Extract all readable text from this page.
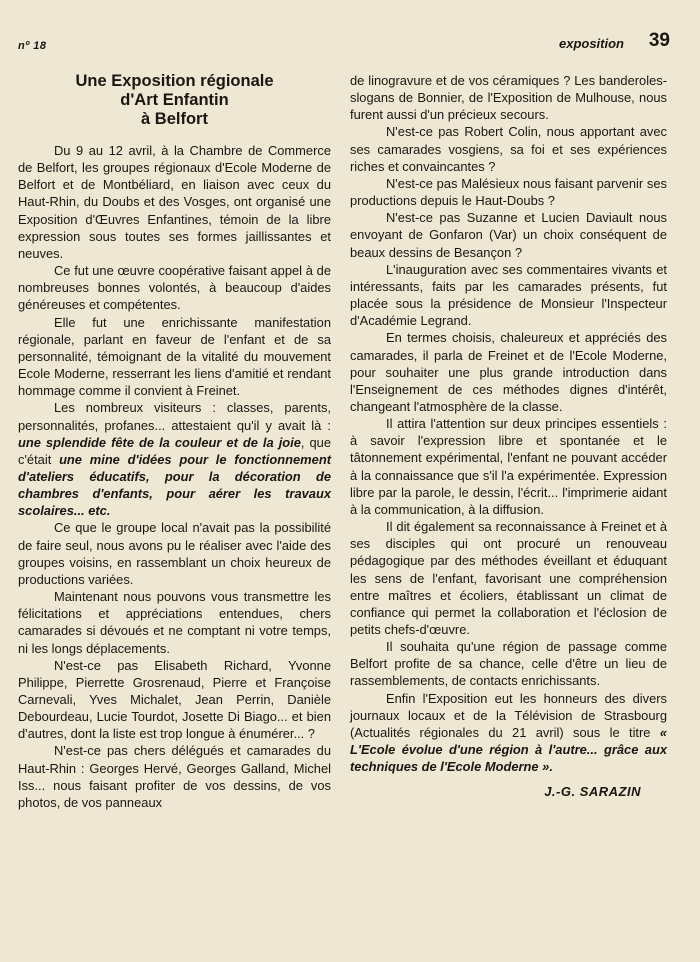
nº 18	exposition 39
Une Exposition régionale
d'Art Enfantin
à Belfort

Du 9 au 12 avril, à la Chambre de Commerce de Belfort, les groupes régionaux d'Ecole Moderne de Belfort et de Montbéliard, en liaison avec ceux du Haut-Rhin, du Doubs et des Vosges, ont organisé une Exposition d'Œuvres Enfantines, témoin de la libre expression sous toutes ses formes jaillissantes et neuves.

Ce fut une œuvre coopérative faisant appel à de nombreuses bonnes volontés, à beaucoup d'aides généreuses et compétentes.

Elle fut une enrichissante manifestation régionale, parlant en faveur de l'enfant et de sa personnalité, témoignant de la vitalité du mouvement Ecole Moderne, resserrant les liens d'amitié et rendant hommage comme il convient à Freinet.

Les nombreux visiteurs : classes, parents, personnalités, profanes... attestaient qu'il y avait là : une splendide fête de la couleur et de la joie, que c'était une mine d'idées pour le fonctionnement d'ateliers éducatifs, pour la décoration de chambres d'enfants, pour aérer les travaux scolaires... etc.

Ce que le groupe local n'avait pas la possibilité de faire seul, nous avons pu le réaliser avec l'aide des groupes voisins, en rassemblant un choix heureux de productions variées.

Maintenant nous pouvons vous transmettre les félicitations et appréciations entendues, chers camarades si dévoués et ne comptant ni votre temps, ni les longs déplacements.

N'est-ce pas Elisabeth Richard, Yvonne Philippe, Pierrette Grosrenaud, Pierre et Françoise Carnevali, Yves Michalet, Jean Perrin, Danièle Debourdeau, Lucie Tourdot, Josette Di Biago... et bien d'autres, dont la liste est trop longue à énumérer... ?

N'est-ce pas chers délégués et camarades du Haut-Rhin : Georges Hervé, Georges Galland, Michel Iss... nous faisant profiter de vos dessins, de vos photos, de vos panneaux

de linogravure et de vos céramiques ? Les banderoles-slogans de Bonnier, de l'Exposition de Mulhouse, nous furent aussi d'un précieux secours.

N'est-ce pas Robert Colin, nous apportant avec ses camarades vosgiens, sa foi et ses expériences riches et convaincantes ?

N'est-ce pas Malésieux nous faisant parvenir ses productions depuis le Haut-Doubs ?

N'est-ce pas Suzanne et Lucien Daviault nous envoyant de Gonfaron (Var) un choix conséquent de beaux dessins de Besançon ?

L'inauguration avec ses commentaires vivants et intéressants, faits par les camarades présents, fut placée sous la présidence de Monsieur l'Inspecteur d'Académie Legrand.

En termes choisis, chaleureux et appréciés des camarades, il parla de Freinet et de l'Ecole Moderne, pour souhaiter une plus grande introduction dans l'Enseignement de ces méthodes dignes d'intérêt, changeant l'atmosphère de la classe.

Il attira l'attention sur deux principes essentiels : à savoir l'expression libre et spontanée et le tâtonnement expérimental, l'enfant ne pouvant accéder à la connaissance que s'il l'a expérimentée. Expression libre par la parole, le dessin, l'écrit... l'imprimerie aidant à la communication, à la diffusion.

Il dit également sa reconnaissance à Freinet et à ses disciples qui ont procuré un renouveau pédagogique par des méthodes éveillant et éduquant les sens de l'enfant, favorisant une compréhension entre maîtres et écoliers, établissant un climat de confiance qui permet la collaboration et l'éclosion de petits chefs-d'œuvre.

Il souhaita qu'une région de passage comme Belfort profite de sa chance, celle d'être un lieu de rassemblements, de contacts enrichissants.

Enfin l'Exposition eut les honneurs des divers journaux locaux et de la Télévision de Strasbourg (Actualités régionales du 21 avril) sous le titre « L'Ecole évolue d'une région à l'autre... grâce aux techniques de l'Ecole Moderne ».

J.-G. SARAZIN
